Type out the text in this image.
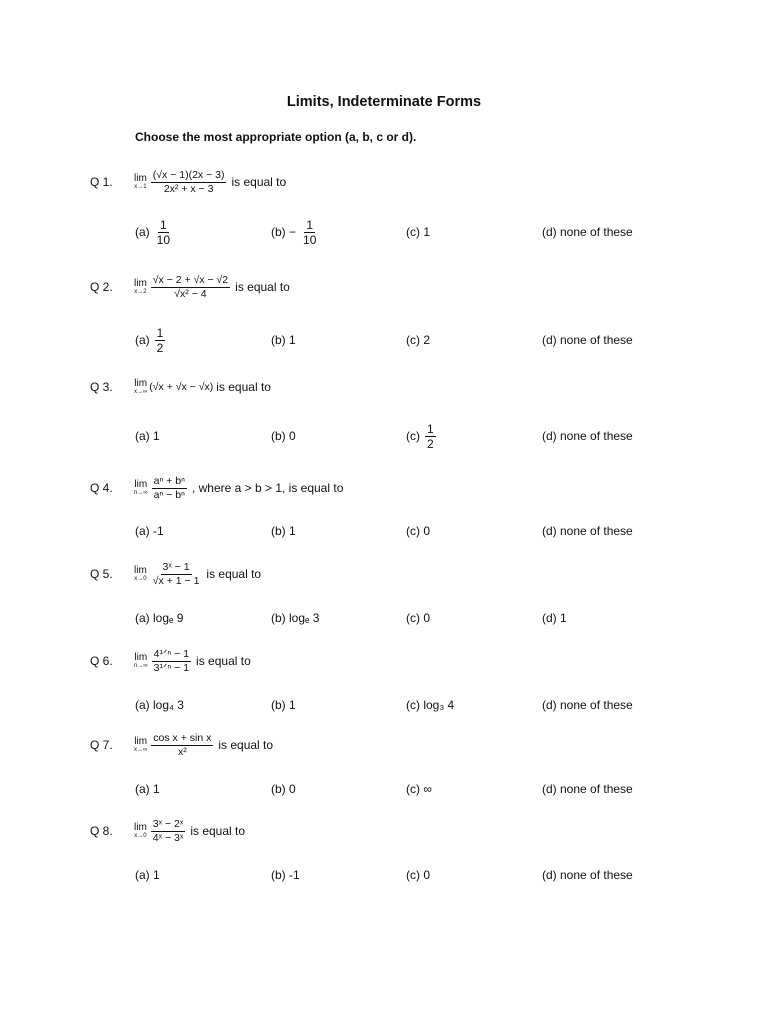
Limits, Indeterminate Forms
Choose the most appropriate option (a, b, c or d).
Q 1. lim
$x\to 1 \frac{(√x - 1)(2x - 3)}{\text{2x² + x − 3}}$ is equal to
$(a) \frac{1}{10}$	$(b) - \frac{1}{10}$	(c) 1	(d) none of these
Q 2. lim
$x\to 2 \frac{√x - 2 + √x - √2}{\text{√x² − 4}}$ is equal to
$(a) \frac{1}{2}$	(b) 1	(c) 2	(d) none of these
Q 3. lim
x→∞ (√x + √x − √x) is equal to
(a) 1	(b) 0	$(c) \frac{1}{2}$	(d) none of these
Q 4. lim
$n\to\infty \frac{\text{aⁿ + bⁿ}}{\text{aⁿ − bⁿ}}$ , where a > b > 1, is equal to
(a) -1	(b) 1	(c) 0	(d) none of these
Q 5. lim
$x\to 0 \frac{\text{3ˣ − 1}}{√x + 1 - 1}$ is equal to
(a) logₑ 9	(b) logₑ 3	(c) 0	(d) 1
Q 6. lim
$n\to\infty \frac{\text{4¹ᐟⁿ − 1}}{\text{3¹ᐟⁿ − 1}}$ is equal to
(a) log₄ 3	(b) 1	(c) log₃ 4	(d) none of these
Q 7. lim
$x\to\infty \frac{\text{cos x + sin x}}{\text{x²}}$ is equal to
(a) 1	(b) 0	(c) ∞	(d) none of these
Q 8. lim
$x\to 0 \frac{\text{3ˣ − 2ˣ}}{\text{4ˣ − 3ˣ}}$ is equal to
(a) 1	(b) -1	(c) 0	(d) none of these
